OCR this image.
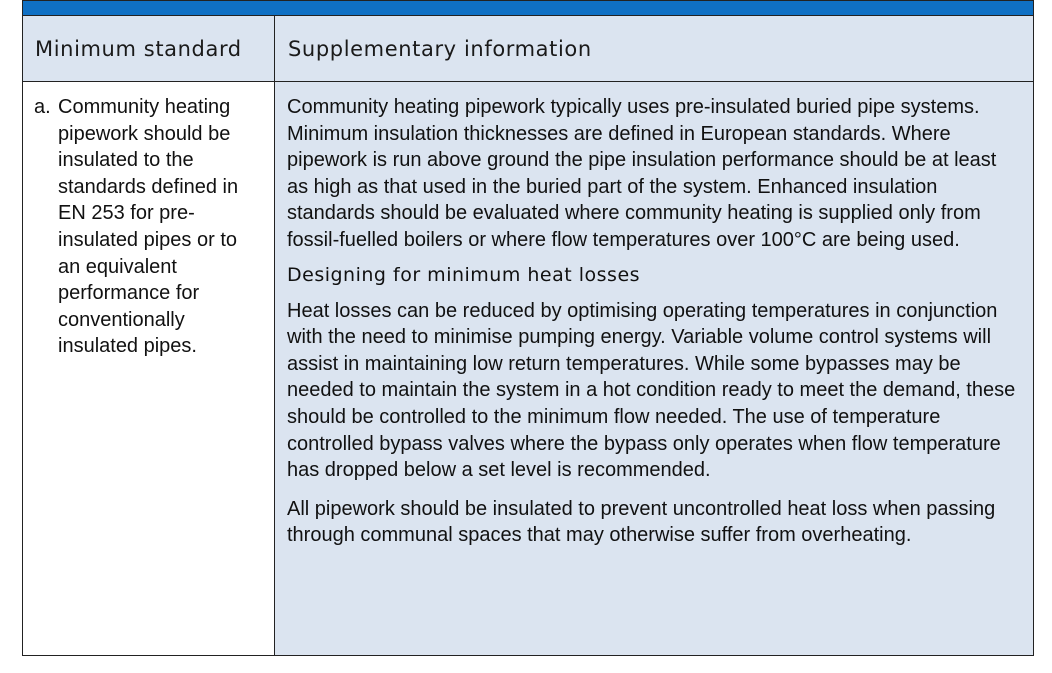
Minimum standard	Supplementary information
a. Community heating pipework should be insulated to the standards defined in EN 253 for pre-insulated pipes or to an equivalent performance for conventionally insulated pipes.

Community heating pipework typically uses pre-insulated buried pipe systems. Minimum insulation thicknesses are defined in European standards. Where pipework is run above ground the pipe insulation performance should be at least as high as that used in the buried part of the system. Enhanced insulation standards should be evaluated where community heating is supplied only from fossil-fuelled boilers or where flow temperatures over 100°C are being used.

Designing for minimum heat losses

Heat losses can be reduced by optimising operating temperatures in conjunction with the need to minimise pumping energy. Variable volume control systems will assist in maintaining low return temperatures. While some bypasses may be needed to maintain the system in a hot condition ready to meet the demand, these should be controlled to the minimum flow needed. The use of temperature controlled bypass valves where the bypass only operates when flow temperature has dropped below a set level is recommended.

All pipework should be insulated to prevent uncontrolled heat loss when passing through communal spaces that may otherwise suffer from overheating.
